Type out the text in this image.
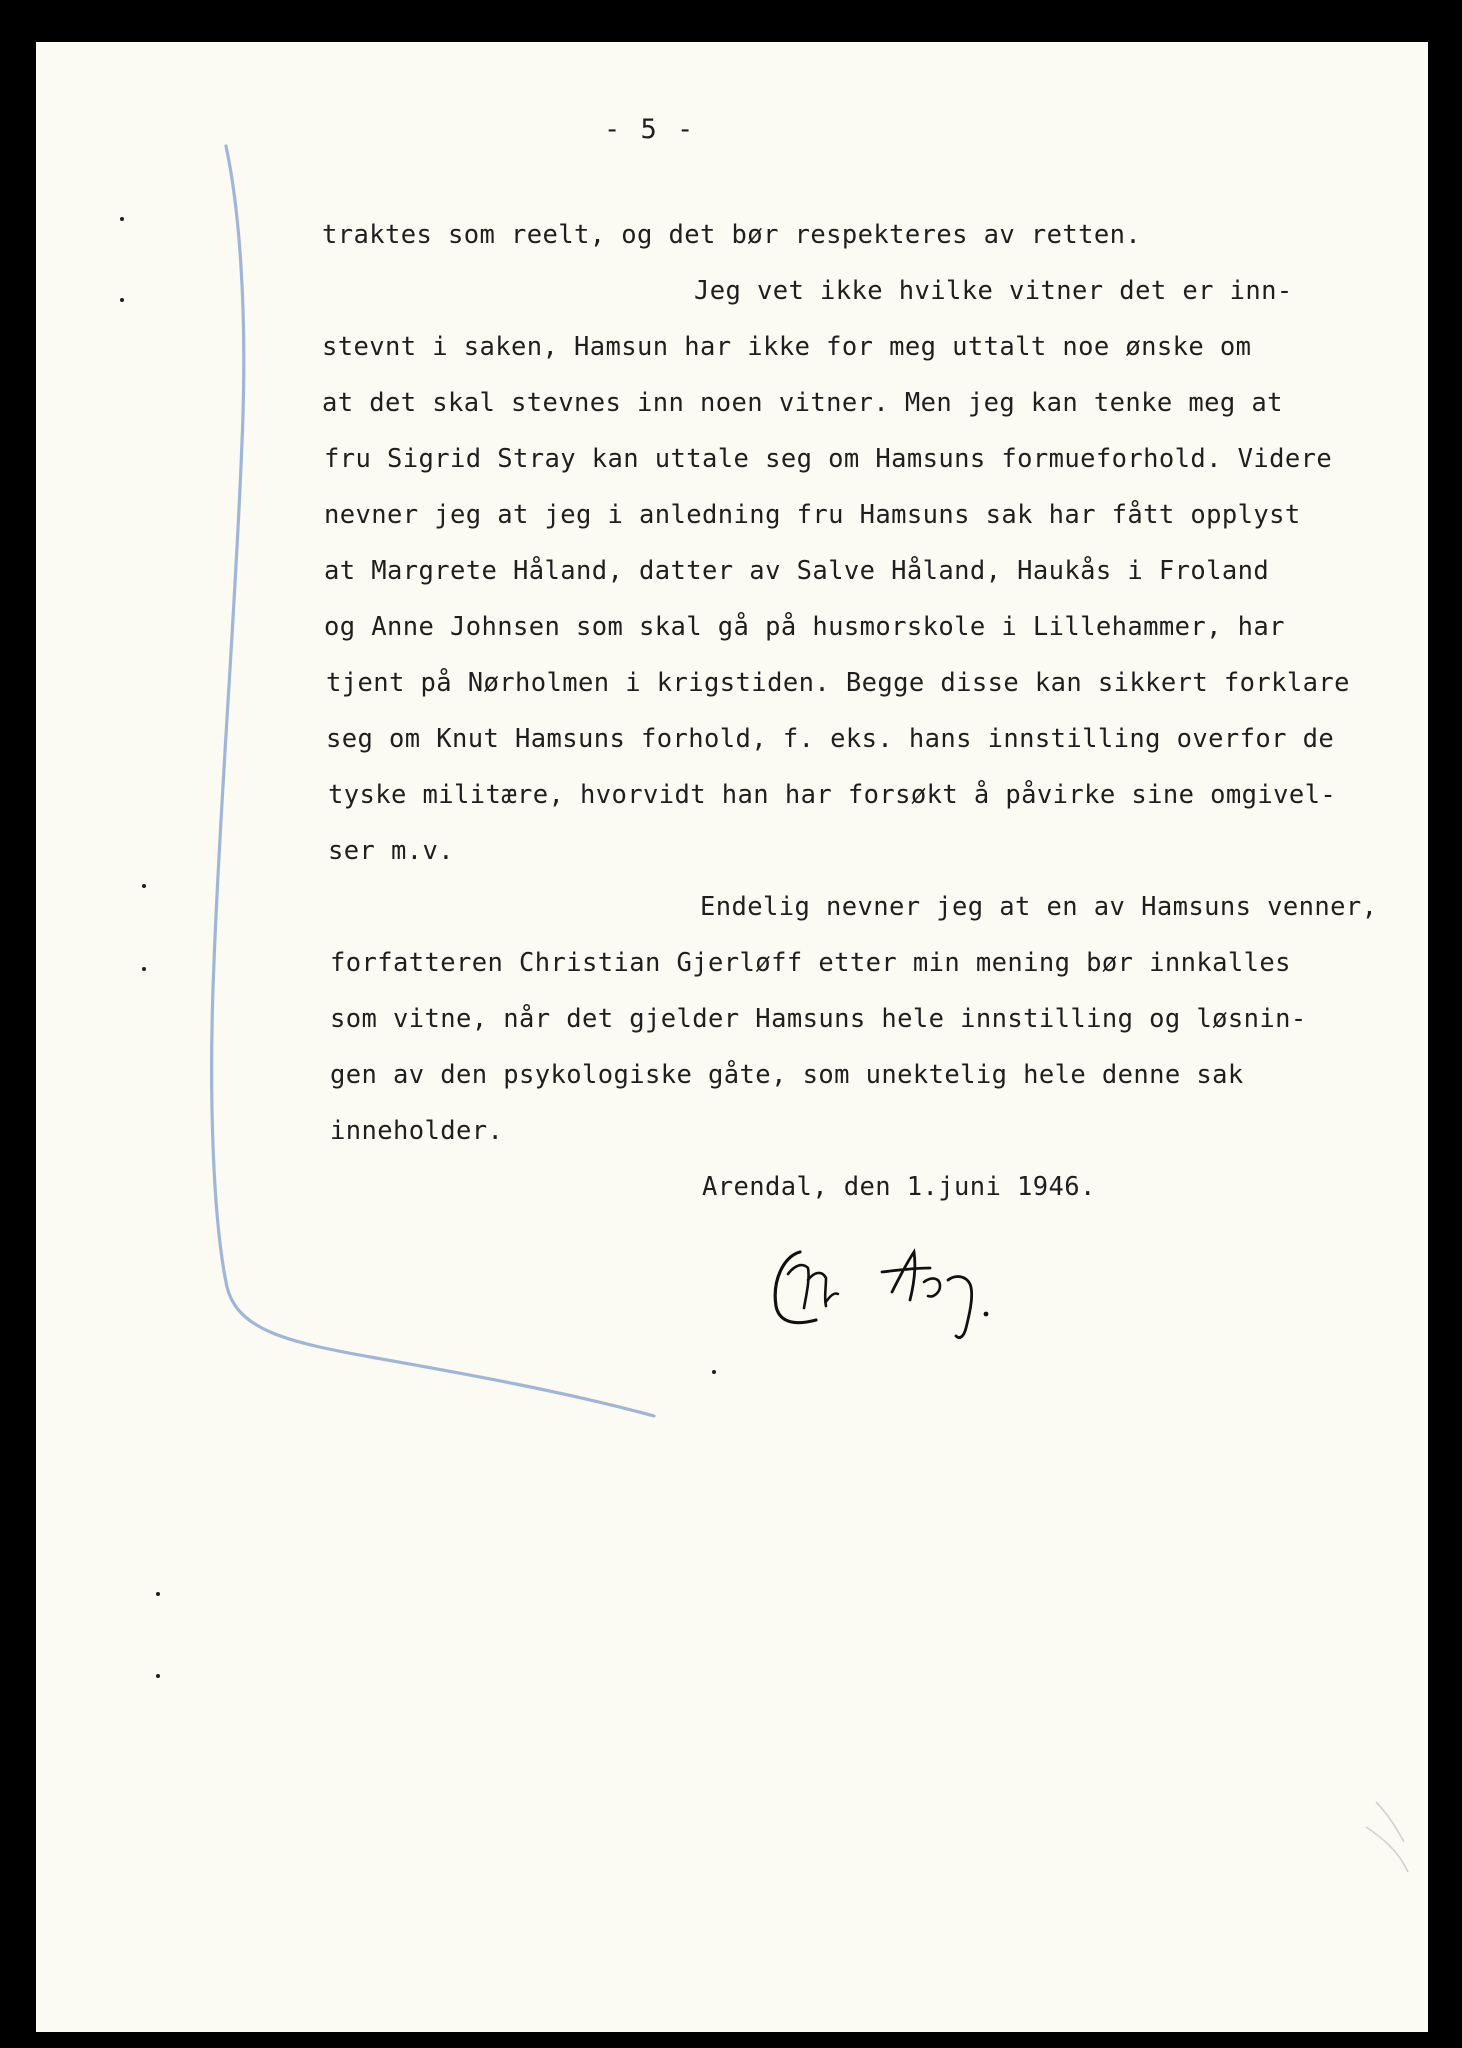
- 5 -
traktes som reelt, og det bør respekteres av retten.
Jeg vet ikke hvilke vitner det er inn-
stevnt i saken, Hamsun har ikke for meg uttalt noe ønske om
at det skal stevnes inn noen vitner. Men jeg kan tenke meg at
fru Sigrid Stray kan uttale seg om Hamsuns formueforhold. Videre
nevner jeg at jeg i anledning fru Hamsuns sak har fått opplyst
at Margrete Håland, datter av Salve Håland, Haukås i Froland
og Anne Johnsen som skal gå på husmorskole i Lillehammer, har
tjent på Nørholmen i krigstiden. Begge disse kan sikkert forklare
seg om Knut Hamsuns forhold, f. eks. hans innstilling overfor de
tyske militære, hvorvidt han har forsøkt å påvirke sine omgivel-
ser m.v.
Endelig nevner jeg at en av Hamsuns venner,
forfatteren Christian Gjerløff etter min mening bør innkalles
som vitne, når det gjelder Hamsuns hele innstilling og løsnin-
gen av den psykologiske gåte, som unektelig hele denne sak
inneholder.
Arendal, den 1.juni 1946.
